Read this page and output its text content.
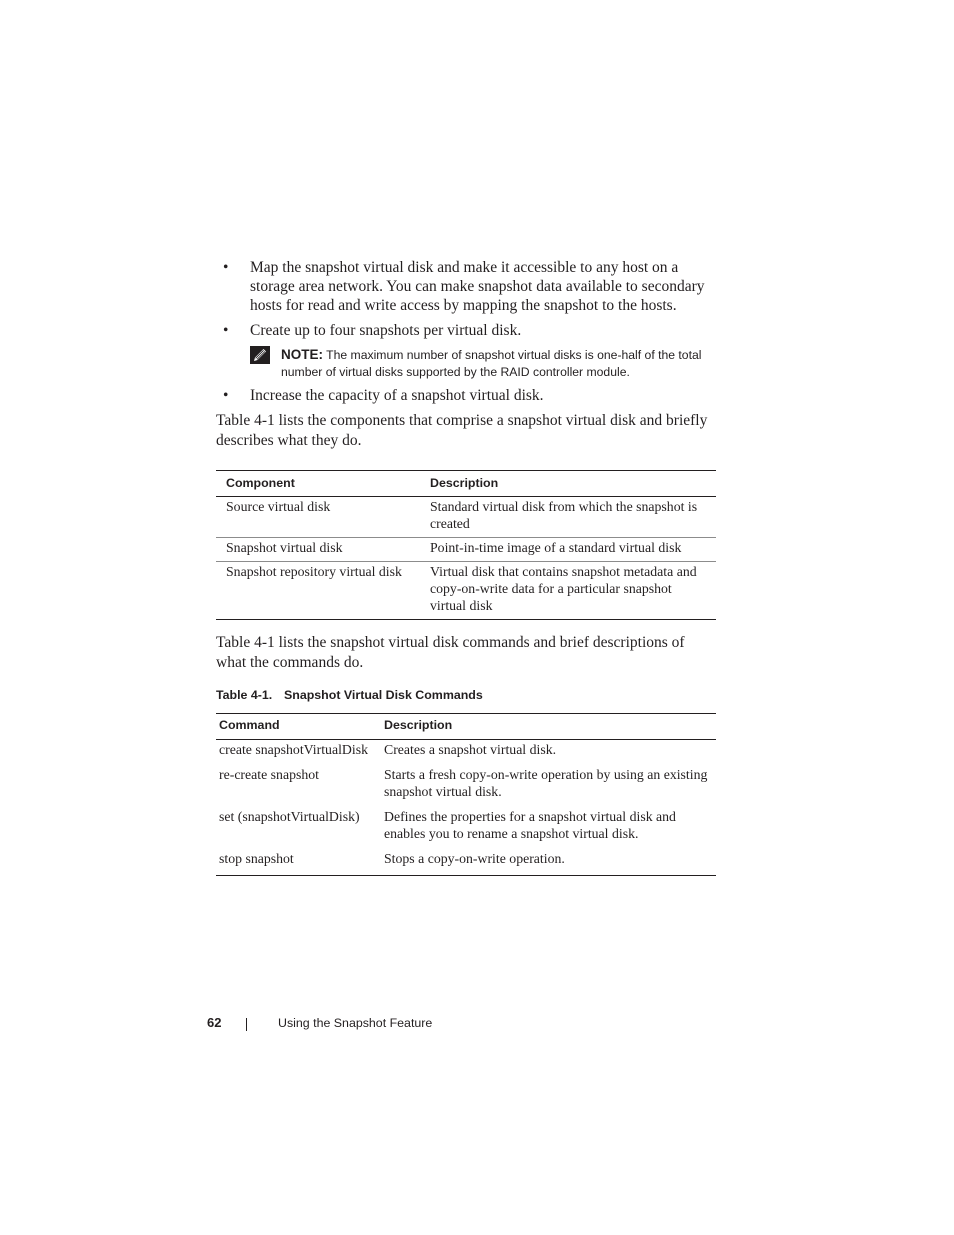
• Map the snapshot virtual disk and make it accessible to any host on a storage area network. You can make snapshot data available to secondary hosts for read and write access by mapping the snapshot to the hosts.
• Create up to four snapshots per virtual disk.
NOTE: The maximum number of snapshot virtual disks is one-half of the total number of virtual disks supported by the RAID controller module.
• Increase the capacity of a snapshot virtual disk.

Table 4-1 lists the components that comprise a snapshot virtual disk and briefly describes what they do.

Component	Description
Source virtual disk	Standard virtual disk from which the snapshot is created
Snapshot virtual disk	Point-in-time image of a standard virtual disk
Snapshot repository virtual disk	Virtual disk that contains snapshot metadata and copy-on-write data for a particular snapshot virtual disk

Table 4-1 lists the snapshot virtual disk commands and brief descriptions of what the commands do.

Table 4-1. Snapshot Virtual Disk Commands

Command	Description
create snapshotVirtualDisk	Creates a snapshot virtual disk.
re-create snapshot	Starts a fresh copy-on-write operation by using an existing snapshot virtual disk.
set (snapshotVirtualDisk)	Defines the properties for a snapshot virtual disk and enables you to rename a snapshot virtual disk.
stop snapshot	Stops a copy-on-write operation.
62	Using the Snapshot Feature
